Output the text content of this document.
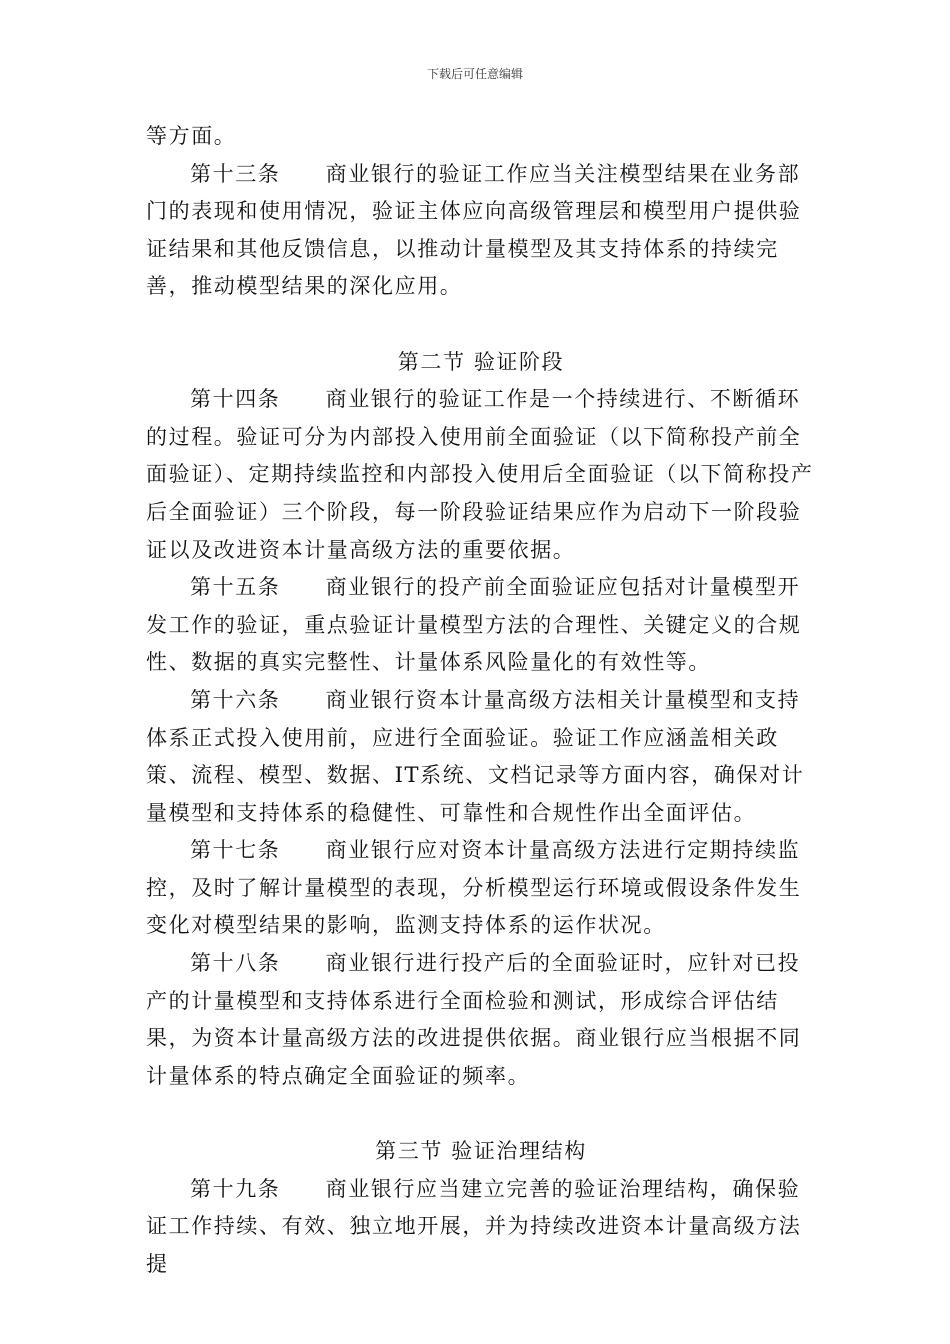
下载后可任意编辑

等方面。

第十三条　　商业银行的验证工作应当关注模型结果在业务部门的表现和使用情况，验证主体应向高级管理层和模型用户提供验证结果和其他反馈信息，以推动计量模型及其支持体系的持续完善，推动模型结果的深化应用。

第二节 验证阶段

第十四条　　商业银行的验证工作是一个持续进行、不断循环的过程。验证可分为内部投入使用前全面验证（以下简称投产前全面验证）、定期持续监控和内部投入使用后全面验证（以下简称投产后全面验证）三个阶段，每一阶段验证结果应作为启动下一阶段验证以及改进资本计量高级方法的重要依据。

第十五条　　商业银行的投产前全面验证应包括对计量模型开发工作的验证，重点验证计量模型方法的合理性、关键定义的合规性、数据的真实完整性、计量体系风险量化的有效性等。

第十六条　　商业银行资本计量高级方法相关计量模型和支持体系正式投入使用前，应进行全面验证。验证工作应涵盖相关政策、流程、模型、数据、IT系统、文档记录等方面内容，确保对计量模型和支持体系的稳健性、可靠性和合规性作出全面评估。

第十七条　　商业银行应对资本计量高级方法进行定期持续监控，及时了解计量模型的表现，分析模型运行环境或假设条件发生变化对模型结果的影响，监测支持体系的运作状况。

第十八条　　商业银行进行投产后的全面验证时，应针对已投产的计量模型和支持体系进行全面检验和测试，形成综合评估结果，为资本计量高级方法的改进提供依据。商业银行应当根据不同计量体系的特点确定全面验证的频率。

第三节 验证治理结构

第十九条　　商业银行应当建立完善的验证治理结构，确保验证工作持续、有效、独立地开展，并为持续改进资本计量高级方法提
